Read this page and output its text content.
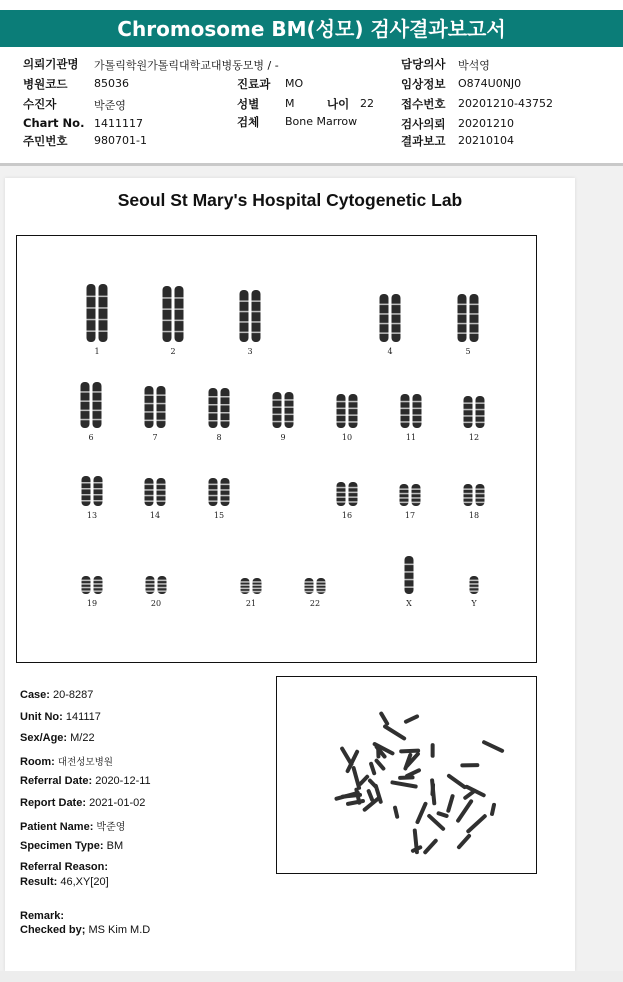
Chromosome BM(성모) 검사결과보고서
의뢰기관명 가톨릭학원가톨릭대학교대병동모병 / -
병원코드 85036
수진자	박준영
Chart No. 1411117
주민번호 980701-1
진료과 MO
성별 M	나이 22
검체 Bone Marrow
담당의사 박석영
임상정보 O874U0NJ0
접수번호 20201210-43752
검사의뢰 20201210
결과보고 20210104
Seoul St Mary's Hospital Cytogenetic Lab
1	2	3	4	5
6	7	8	9	10	11	12
13	14	15	16	17	18
19	20	21	22	X	Y
Case: 20-8287
Unit No: 141117
Sex/Age: M/22
Room: 대전성모병원
Referral Date: 2020-12-11
Report Date: 2021-01-02
Patient Name: 박준영
Specimen Type: BM
Referral Reason:
Result: 46,XY[20]
Remark:
Checked by; MS Kim M.D
